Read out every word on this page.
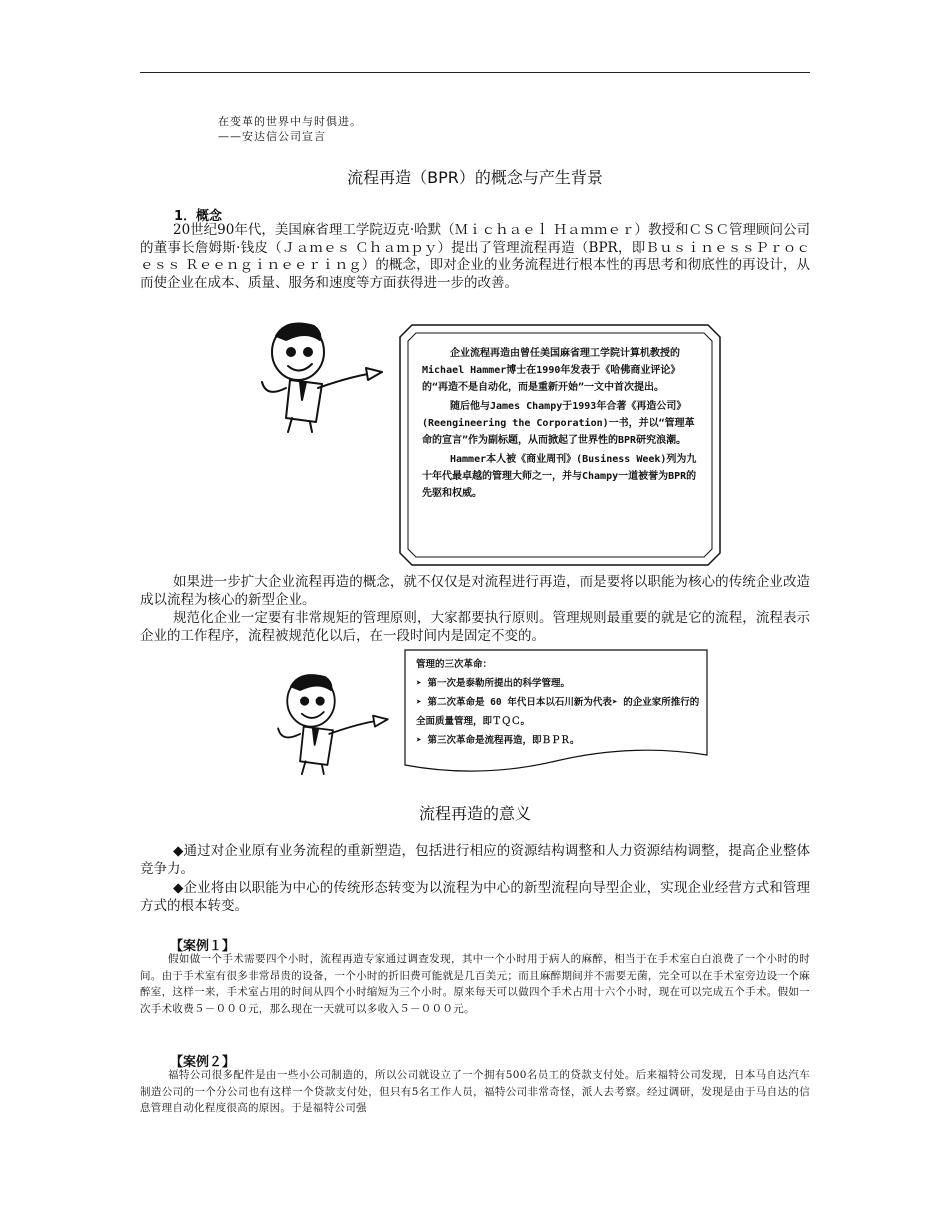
在变革的世界中与时俱进。
——安达信公司宣言
流程再造（BPR）的概念与产生背景
1．概念

20世纪90年代，美国麻省理工学院迈克·哈默（Ｍｉｃｈａｅｌ Ｈａｍｍｅｒ）教授和ＣＳＣ管理顾问公司的董事长詹姆斯·钱皮（Ｊａｍｅｓ Ｃｈａｍｐｙ）提出了管理流程再造（BPR，即ＢｕｓｉｎｅｓｓＰｒｏｃｅｓｓ Ｒｅｅｎｇｉｎｅｅｒｉｎｇ）的概念，即对企业的业务流程进行根本性的再思考和彻底性的再设计，从而使企业在成本、质量、服务和速度等方面获得进一步的改善。

企业流程再造由曾任美国麻省理工学院计算机教授的Michael Hammer博士在1990年发表于《哈佛商业评论》的“再造不是自动化，而是重新开始”一文中首次提出。

随后他与James Champy于1993年合著《再造公司》(Reengineering the Corporation)一书，并以“管理革命的宣言”作为副标题，从而掀起了世界性的BPR研究浪潮。

Hammer本人被《商业周刊》(Business Week)列为九十年代最卓越的管理大师之一，并与Champy一道被誉为BPR的先驱和权威。

如果进一步扩大企业流程再造的概念，就不仅仅是对流程进行再造，而是要将以职能为核心的传统企业改造成以流程为核心的新型企业。

规范化企业一定要有非常规矩的管理原则，大家都要执行原则。管理规则最重要的就是它的流程，流程表示企业的工作程序，流程被规范化以后，在一段时间内是固定不变的。

管理的三次革命：
➤ 第一次是泰勒所提出的科学管理。
➤ 第二次革命是 60 年代日本以石川新为代表➤ 的企业家所推行的全面质量管理，即ＴＱＣ。
➤ 第三次革命是流程再造，即ＢＰＲ。
流程再造的意义

◆通过对企业原有业务流程的重新塑造，包括进行相应的资源结构调整和人力资源结构调整，提高企业整体竞争力。

◆企业将由以职能为中心的传统形态转变为以流程为中心的新型流程向导型企业，实现企业经营方式和管理方式的根本转变。

【案例１】

假如做一个手术需要四个小时，流程再造专家通过调查发现，其中一个小时用于病人的麻醉，相当于在手术室白白浪费了一个小时的时间。由于手术室有很多非常昂贵的设备，一个小时的折旧费可能就是几百美元；而且麻醉期间并不需要无菌，完全可以在手术室旁边设一个麻醉室，这样一来，手术室占用的时间从四个小时缩短为三个小时。原来每天可以做四个手术占用十六个小时，现在可以完成五个手术。假如一次手术收费５－０００元，那么现在一天就可以多收入５－０００元。

【案例２】

福特公司很多配件是由一些小公司制造的，所以公司就设立了一个拥有500名员工的贷款支付处。后来福特公司发现，日本马自达汽车制造公司的一个分公司也有这样一个贷款支付处，但只有5名工作人员，福特公司非常奇怪，派人去考察。经过调研，发现是由于马自达的信息管理自动化程度很高的原因。于是福特公司强
